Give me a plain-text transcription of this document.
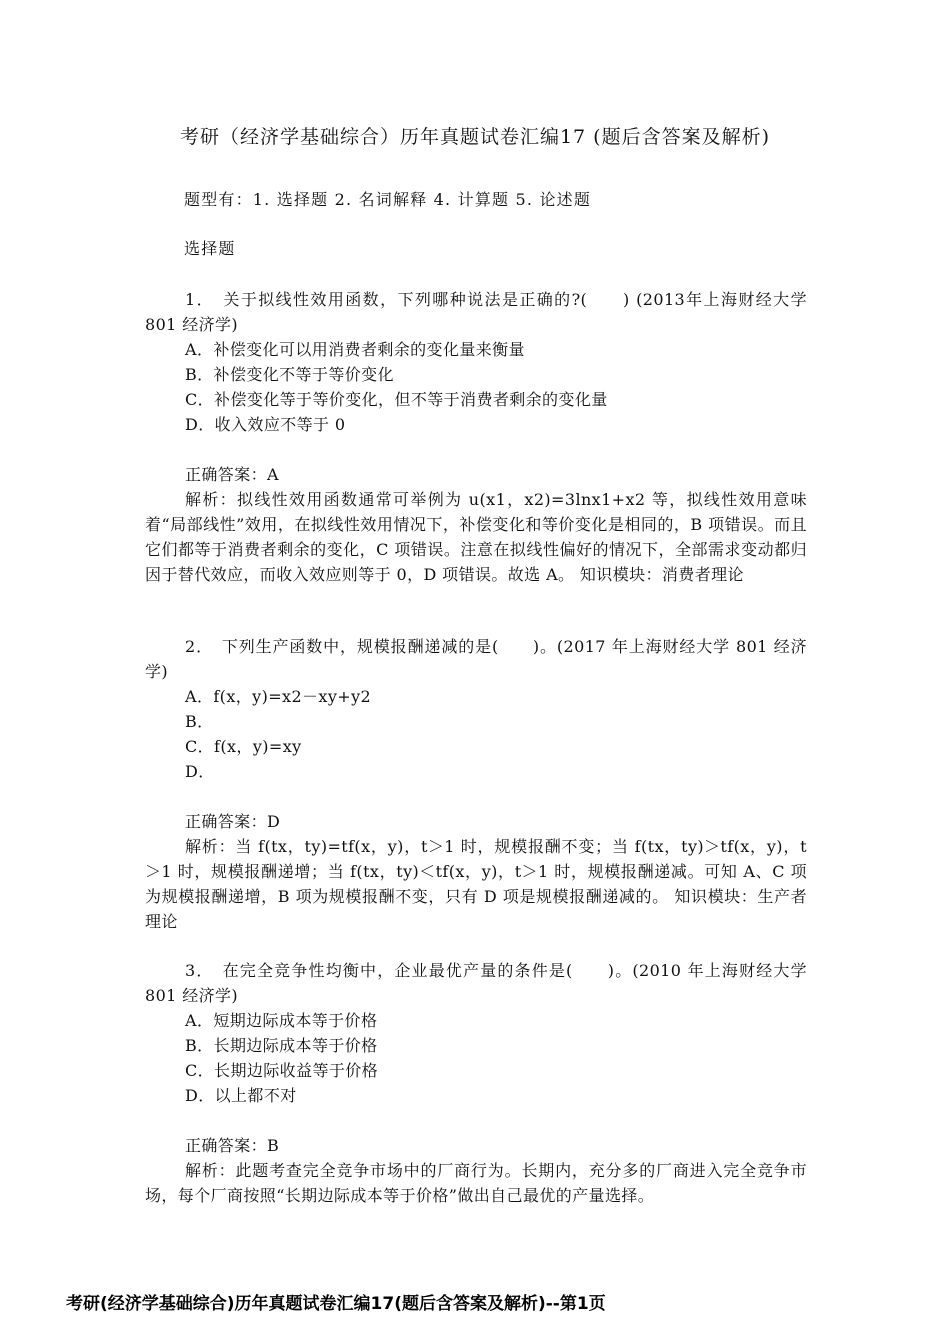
考研（经济学基础综合）历年真题试卷汇编17 (题后含答案及解析)
题型有：1. 选择题 2. 名词解释 4. 计算题 5. 论述题
选择题

1．　关于拟线性效用函数，下列哪种说法是正确的?(　　) (2013年上海财经大学 801 经济学)

A．补偿变化可以用消费者剩余的变化量来衡量

B．补偿变化不等于等价变化

C．补偿变化等于等价变化，但不等于消费者剩余的变化量

D．收入效应不等于 0

正确答案：A

解析：拟线性效用函数通常可举例为 u(x1，x2)=3lnx1+x2 等，拟线性效用意味着“局部线性”效用，在拟线性效用情况下，补偿变化和等价变化是相同的，B 项错误。而且它们都等于消费者剩余的变化，C 项错误。注意在拟线性偏好的情况下，全部需求变动都归因于替代效应，而收入效应则等于 0，D 项错误。故选 A。 知识模块：消费者理论

2．　下列生产函数中，规模报酬递减的是(　　)。(2017 年上海财经大学 801 经济学)

A．f(x，y)=x2－xy+y2

B．

C．f(x，y)=xy

D．

正确答案：D

解析：当 f(tx，ty)=tf(x，y)，t＞1 时，规模报酬不变；当 f(tx，ty)＞tf(x，y)，t＞1 时，规模报酬递增；当 f(tx，ty)＜tf(x，y)，t＞1 时，规模报酬递减。可知 A、C 项为规模报酬递增，B 项为规模报酬不变，只有 D 项是规模报酬递减的。 知识模块：生产者理论

3．　在完全竞争性均衡中，企业最优产量的条件是(　　)。(2010 年上海财经大学 801 经济学)

A．短期边际成本等于价格

B．长期边际成本等于价格

C．长期边际收益等于价格

D．以上都不对

正确答案：B

解析：此题考查完全竞争市场中的厂商行为。长期内，充分多的厂商进入完全竞争市场，每个厂商按照“长期边际成本等于价格”做出自己最优的产量选择。

考研(经济学基础综合)历年真题试卷汇编17(题后含答案及解析)--第1页
